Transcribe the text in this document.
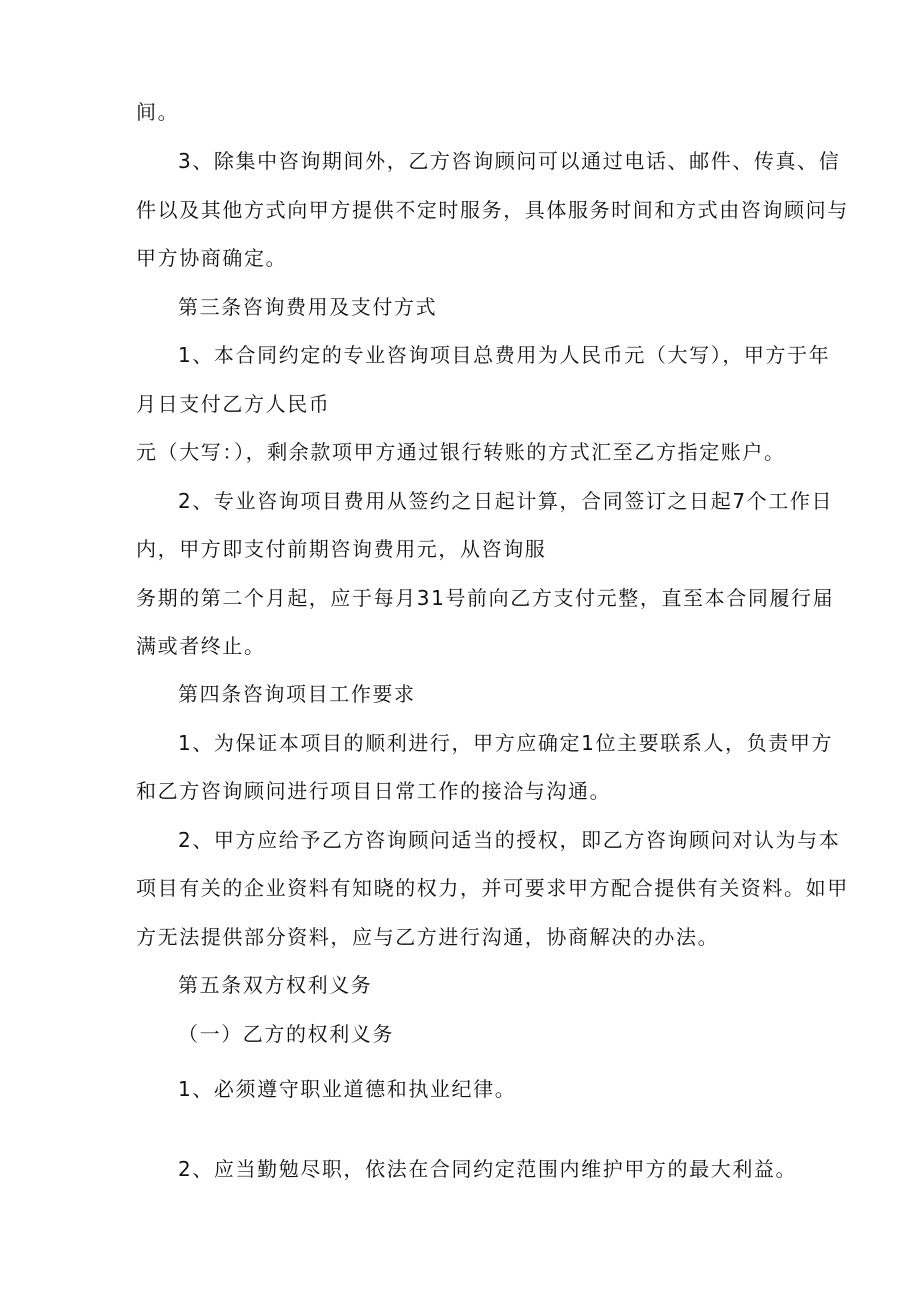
间。
3、除集中咨询期间外，乙方咨询顾问可以通过电话、邮件、传真、信
件以及其他方式向甲方提供不定时服务，具体服务时间和方式由咨询顾问与
甲方协商确定。
第三条咨询费用及支付方式
1、本合同约定的专业咨询项目总费用为人民币元（大写），甲方于年
月日支付乙方人民币
元（大写：），剩余款项甲方通过银行转账的方式汇至乙方指定账户。
2、专业咨询项目费用从签约之日起计算，合同签订之日起7个工作日
内，甲方即支付前期咨询费用元，从咨询服
务期的第二个月起，应于每月31号前向乙方支付元整，直至本合同履行届
满或者终止。
第四条咨询项目工作要求
1、为保证本项目的顺利进行，甲方应确定1位主要联系人，负责甲方
和乙方咨询顾问进行项目日常工作的接洽与沟通。
2、甲方应给予乙方咨询顾问适当的授权，即乙方咨询顾问对认为与本
项目有关的企业资料有知晓的权力，并可要求甲方配合提供有关资料。如甲
方无法提供部分资料，应与乙方进行沟通，协商解决的办法。
第五条双方权利义务
（一）乙方的权利义务
1、必须遵守职业道德和执业纪律。
2、应当勤勉尽职，依法在合同约定范围内维护甲方的最大利益。
